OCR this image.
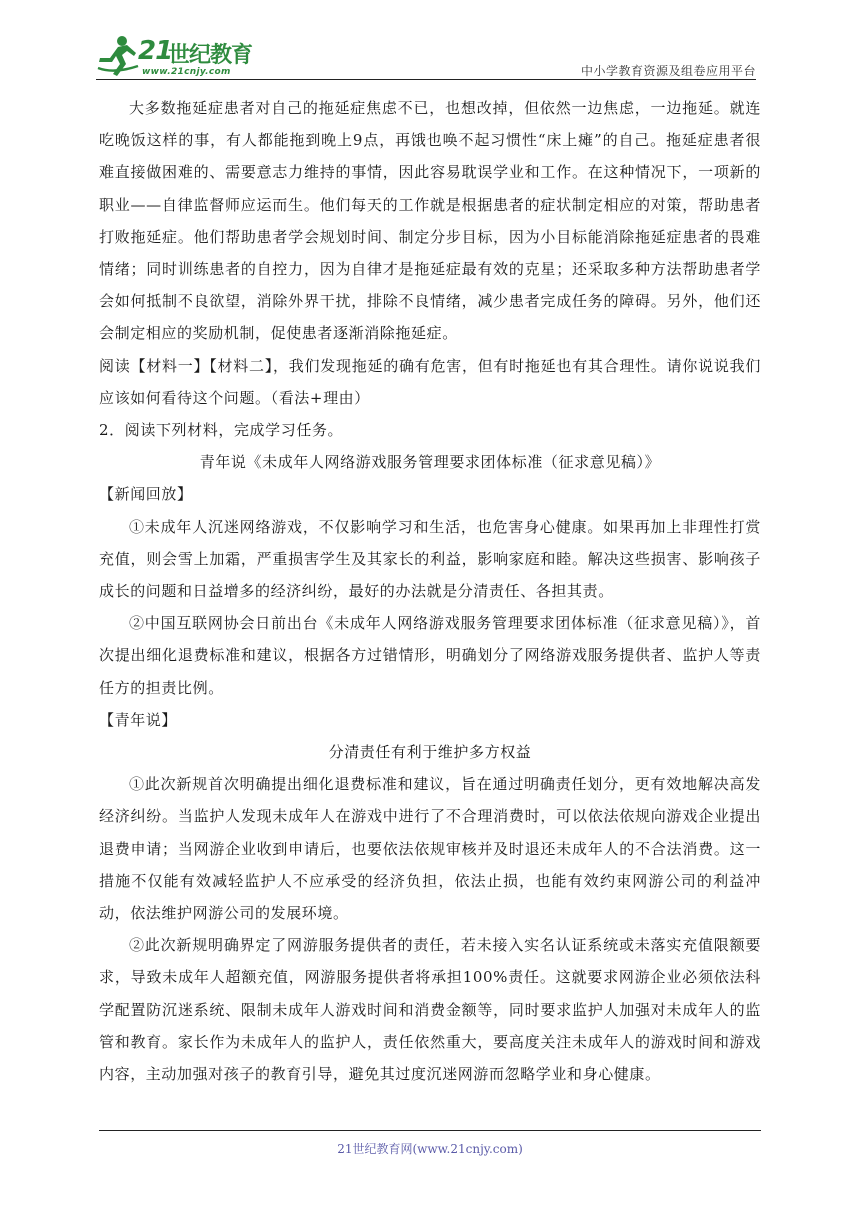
21
世纪教育
www.21cnjy.com	中小学教育资源及组卷应用平台

大多数拖延症患者对自己的拖延症焦虑不已，也想改掉，但依然一边焦虑，一边拖延。就连吃晚饭这样的事，有人都能拖到晚上9点，再饿也唤不起习惯性“床上瘫”的自己。拖延症患者很难直接做困难的、需要意志力维持的事情，因此容易耽误学业和工作。在这种情况下，一项新的职业——自律监督师应运而生。他们每天的工作就是根据患者的症状制定相应的对策，帮助患者打败拖延症。他们帮助患者学会规划时间、制定分步目标，因为小目标能消除拖延症患者的畏难情绪；同时训练患者的自控力，因为自律才是拖延症最有效的克星；还采取多种方法帮助患者学会如何抵制不良欲望，消除外界干扰，排除不良情绪，减少患者完成任务的障碍。另外，他们还会制定相应的奖励机制，促使患者逐渐消除拖延症。

阅读【材料一】【材料二】，我们发现拖延的确有危害，但有时拖延也有其合理性。请你说说我们应该如何看待这个问题。（看法+理由）

2．阅读下列材料，完成学习任务。

青年说《未成年人网络游戏服务管理要求团体标准（征求意见稿）》

【新闻回放】

①未成年人沉迷网络游戏，不仅影响学习和生活，也危害身心健康。如果再加上非理性打赏充值，则会雪上加霜，严重损害学生及其家长的利益，影响家庭和睦。解决这些损害、影响孩子成长的问题和日益增多的经济纠纷，最好的办法就是分清责任、各担其责。

②中国互联网协会日前出台《未成年人网络游戏服务管理要求团体标准（征求意见稿）》，首次提出细化退费标准和建议，根据各方过错情形，明确划分了网络游戏服务提供者、监护人等责任方的担责比例。

【青年说】

分清责任有利于维护多方权益

①此次新规首次明确提出细化退费标准和建议，旨在通过明确责任划分，更有效地解决高发经济纠纷。当监护人发现未成年人在游戏中进行了不合理消费时，可以依法依规向游戏企业提出退费申请；当网游企业收到申请后，也要依法依规审核并及时退还未成年人的不合法消费。这一措施不仅能有效减轻监护人不应承受的经济负担，依法止损，也能有效约束网游公司的利益冲动，依法维护网游公司的发展环境。

②此次新规明确界定了网游服务提供者的责任，若未接入实名认证系统或未落实充值限额要求，导致未成年人超额充值，网游服务提供者将承担100%责任。这就要求网游企业必须依法科学配置防沉迷系统、限制未成年人游戏时间和消费金额等，同时要求监护人加强对未成年人的监管和教育。家长作为未成年人的监护人，责任依然重大，要高度关注未成年人的游戏时间和游戏内容，主动加强对孩子的教育引导，避免其过度沉迷网游而忽略学业和身心健康。

21世纪教育网(www.21cnjy.com)
